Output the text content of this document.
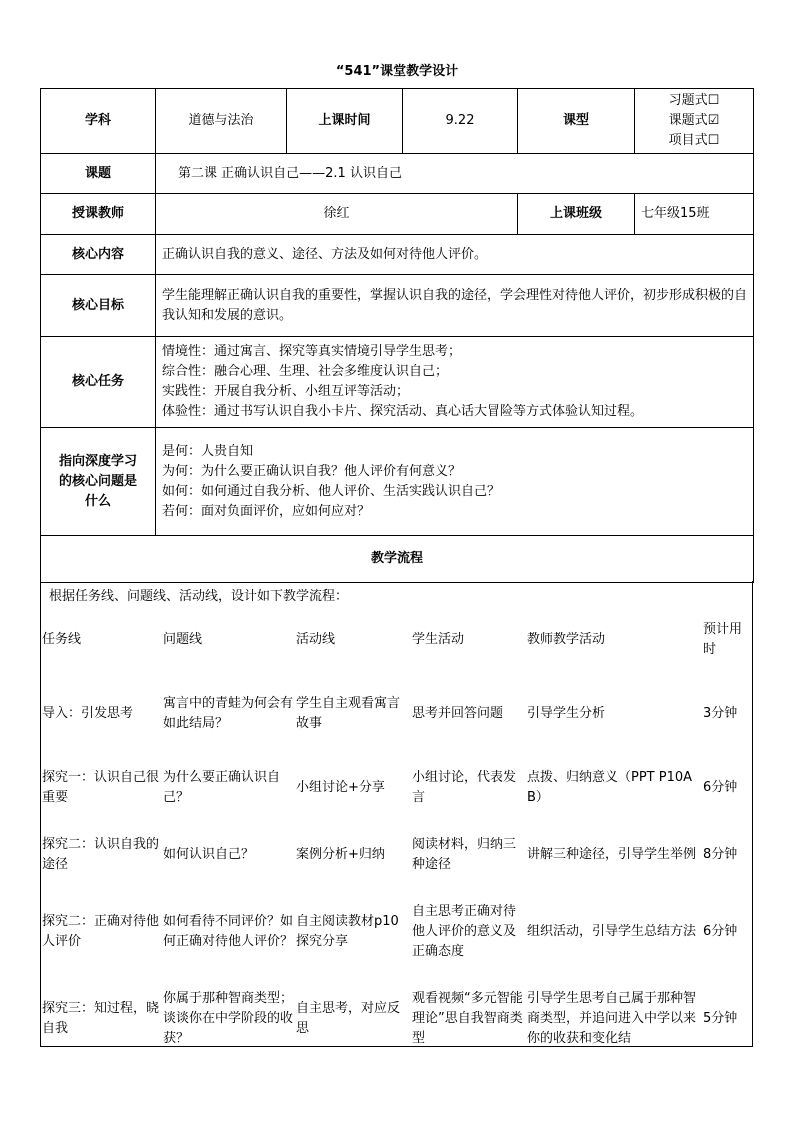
“541”课堂教学设计
学科	道德与法治	上课时间	9.22	课型	习题式☐
课题式☑
项目式☐

课题	第二课 正确认识自己——2.1 认识自己				
授课教师	徐红			上课班级	七年级15班
核心内容	正确认识自我的意义、途径、方法及如何对待他人评价。				
核心目标	学生能理解正确认识自我的重要性，掌握认识自我的途径，学会理性对待他人评价，初步形成积极的自我认知和发展的意识。				
核心任务	情境性：通过寓言、探究等真实情境引导学生思考；
综合性：融合心理、生理、社会多维度认识自己；
实践性：开展自我分析、小组互评等活动；
体验性：通过书写认识自我小卡片、探究活动、真心话大冒险等方式体验认知过程。				

指向深度学习
的核心问题是
什么	是何：人贵自知
为何：为什么要正确认识自我？他人评价有何意义？
如何：如何通过自我分析、他人评价、生活实践认识自己？
若何：面对负面评价，应如何应对？				

教学流程					
根据任务线、问题线、活动线，设计如下教学流程：
任务线	问题线	活动线	学生活动	教师教学活动	预计用时
导入：引发思考	寓言中的青蛙为何会有如此结局？	学生自主观看寓言故事	思考并回答问题	引导学生分析	3分钟
探究一：认识自己很重要	为什么要正确认识自己？	小组讨论+分享	小组讨论，代表发言	点拨、归纳意义（PPT P10A B）	6分钟
探究二：认识自我的途径	如何认识自己？	案例分析+归纳	阅读材料，归纳三种途径	讲解三种途径，引导学生举例	8分钟
探究二：正确对待他人评价	如何看待不同评价？如何正确对待他人评价？	自主阅读教材p10探究分享	自主思考正确对待他人评价的意义及正确态度	组织活动，引导学生总结方法	6分钟
探究三：知过程，晓自我	你属于那种智商类型；谈谈你在中学阶段的收获？	自主思考，对应反思	观看视频“多元智能理论”思自我智商类型	引导学生思考自己属于那种智商类型，并追问进入中学以来你的收获和变化结	5分钟
